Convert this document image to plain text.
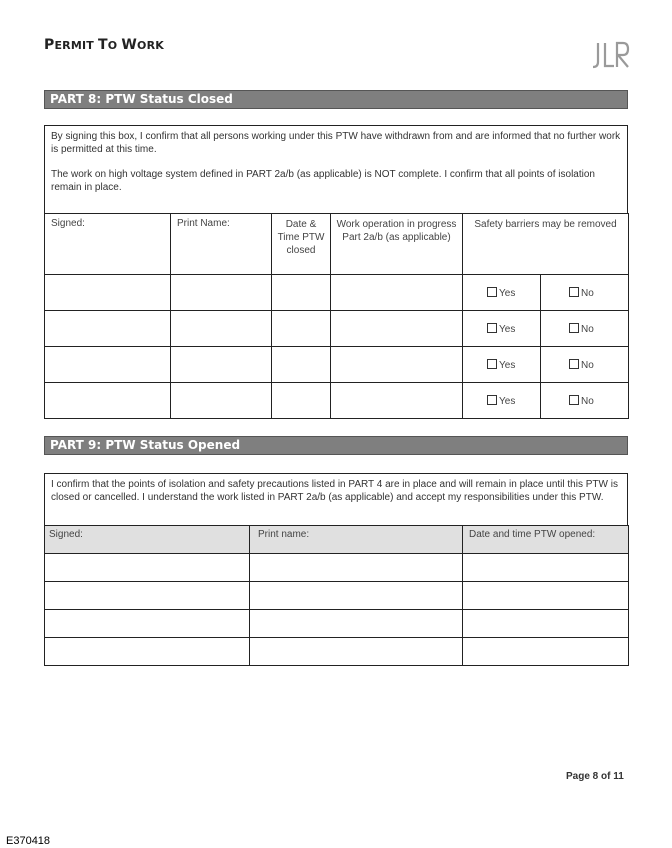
PERMIT TO WORK
PART 8: PTW Status Closed

By signing this box, I confirm that all persons working under this PTW have withdrawn from and are informed that no further work is permitted at this time.

The work on high voltage system defined in PART 2a/b (as applicable) is NOT complete. I confirm that all points of isolation remain in place.

Signed:	Print Name:	Date & Time PTW closed	Work operation in progress Part 2a/b (as applicable)	Safety barriers may be removed	
				Yes	No
				Yes	No
				Yes	No
				Yes	No
PART 9: PTW Status Opened

I confirm that the points of isolation and safety precautions listed in PART 4 are in place and will remain in place until this PTW is closed or cancelled. I understand the work listed in PART 2a/b (as applicable) and accept my responsibilities under this PTW.

Signed:	Print name:	Date and time PTW opened:

Page 8 of 11
E370418
